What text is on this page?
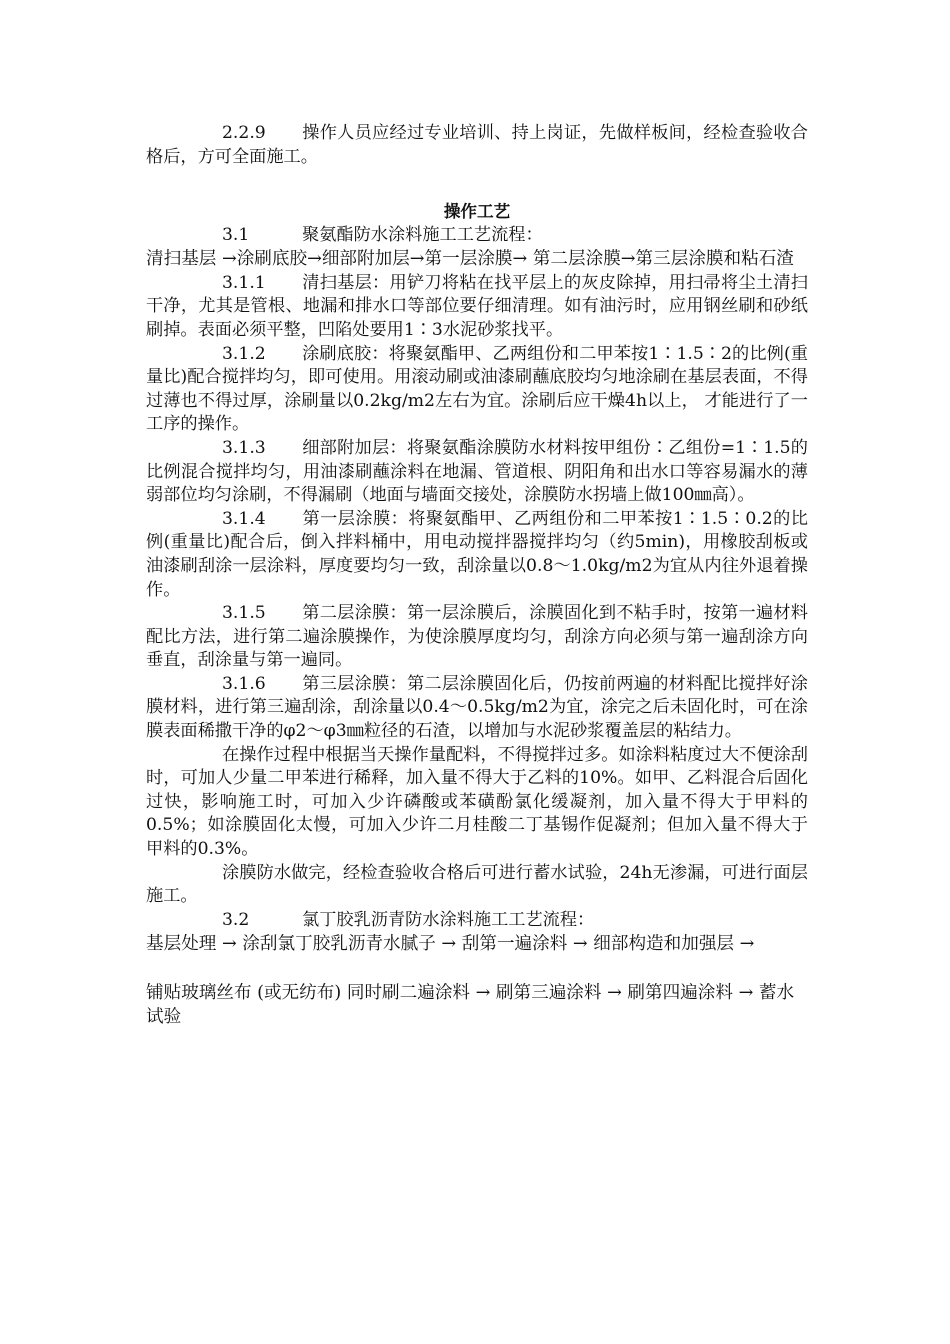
2.2.9 操作人员应经过专业培训、持上岗证，先做样板间，经检查验收合格后，方可全面施工。

操作工艺

3.1	聚氨酯防水涂料施工工艺流程：

清扫基层 →涂刷底胶→细部附加层→第一层涂膜→ 第二层涂膜→第三层涂膜和粘石渣

3.1.1 清扫基层：用铲刀将粘在找平层上的灰皮除掉，用扫帚将尘土清扫干净，尤其是管根、地漏和排水口等部位要仔细清理。如有油污时，应用钢丝刷和砂纸刷掉。表面必须平整，凹陷处要用1∶3水泥砂浆找平。

3.1.2 涂刷底胶：将聚氨酯甲、乙两组份和二甲苯按1∶1.5∶2的比例(重量比)配合搅拌均匀，即可使用。用滚动刷或油漆刷蘸底胶均匀地涂刷在基层表面，不得过薄也不得过厚，涂刷量以0.2kg/m2左右为宜。涂刷后应干燥4h以上， 才能进行了一工序的操作。

3.1.3 细部附加层：将聚氨酯涂膜防水材料按甲组份∶乙组份=1∶1.5的比例混合搅拌均匀，用油漆刷蘸涂料在地漏、管道根、阴阳角和出水口等容易漏水的薄弱部位均匀涂刷，不得漏刷（地面与墙面交接处，涂膜防水拐墙上做100㎜高）。

3.1.4 第一层涂膜：将聚氨酯甲、乙两组份和二甲苯按1∶1.5∶0.2的比例(重量比)配合后，倒入拌料桶中，用电动搅拌器搅拌均匀（约5min)，用橡胶刮板或油漆刷刮涂一层涂料，厚度要均匀一致，刮涂量以0.8～1.0kg/m2为宜从内往外退着操作。

3.1.5 第二层涂膜：第一层涂膜后，涂膜固化到不粘手时，按第一遍材料配比方法，进行第二遍涂膜操作，为使涂膜厚度均匀，刮涂方向必须与第一遍刮涂方向垂直，刮涂量与第一遍同。

3.1.6 第三层涂膜：第二层涂膜固化后，仍按前两遍的材料配比搅拌好涂膜材料，进行第三遍刮涂，刮涂量以0.4～0.5kg/m2为宜，涂完之后未固化时，可在涂膜表面稀撒干净的φ2～φ3㎜粒径的石渣，以增加与水泥砂浆覆盖层的粘结力。

在操作过程中根据当天操作量配料，不得搅拌过多。如涂料粘度过大不便涂刮时，可加人少量二甲苯进行稀释，加入量不得大于乙料的10%。如甲、乙料混合后固化过快，影响施工时，可加入少许磷酸或苯磺酚氯化缓凝剂，加入量不得大于甲料的0.5%；如涂膜固化太慢，可加入少许二月桂酸二丁基锡作促凝剂；但加入量不得大于甲料的0.3%。

涂膜防水做完，经检查验收合格后可进行蓄水试验，24h无渗漏，可进行面层施工。

3.2	氯丁胶乳沥青防水涂料施工工艺流程：

基层处理 → 涂刮氯丁胶乳沥青水腻子 → 刮第一遍涂料 → 细部构造和加强层 →

铺贴玻璃丝布 (或无纺布) 同时刷二遍涂料 → 刷第三遍涂料 → 刷第四遍涂料 → 蓄水试验
